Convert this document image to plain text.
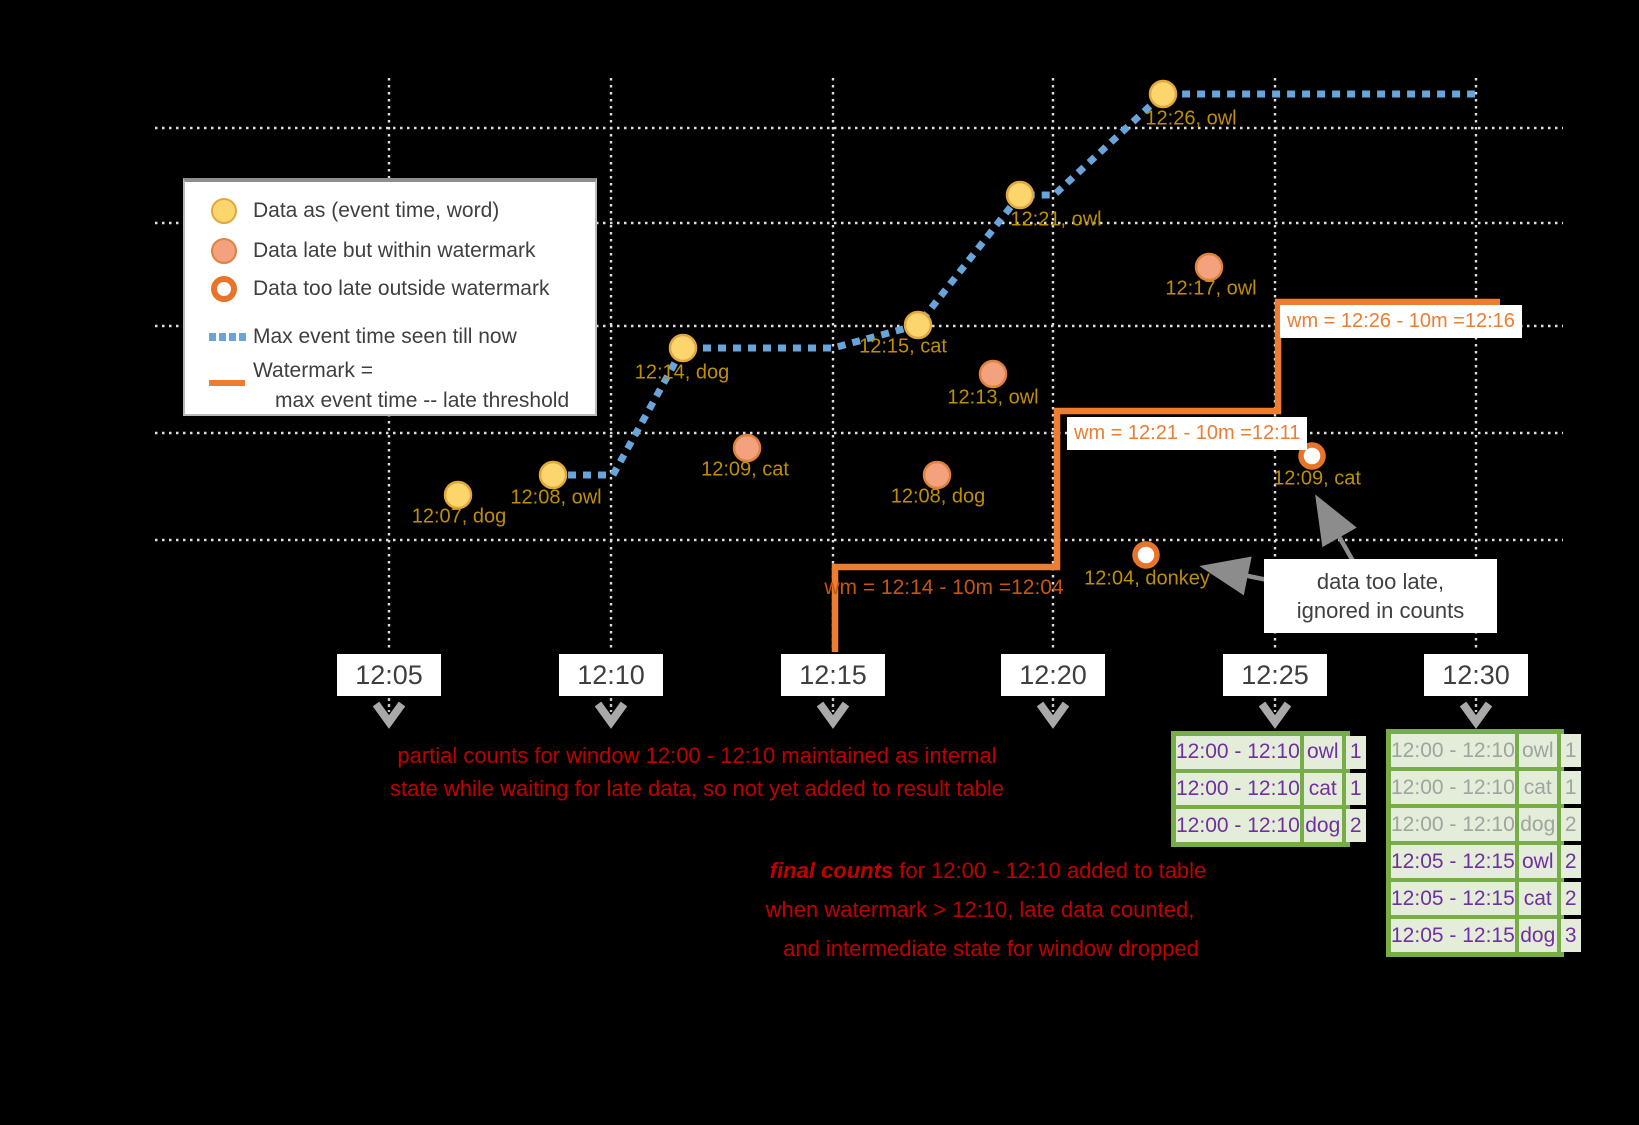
Data as (event time, word)
Data late but within watermark
Data too late outside watermark
Max event time seen till now
Watermark =
max event time -- late threshold
data too late,
ignored in counts
partial counts for window 12:00 - 12:10 maintained as internal
state while waiting for late data, so not yet added to result table
final counts for 12:00 - 12:10 added to table
when watermark > 12:10, late data counted,
and intermediate state for window dropped
12:07, dog
12:08, owl
12:14, dog
12:15, cat
12:21, owl
12:26, owl
12:09, cat
12:08, dog
12:13, owl
12:17, owl
12:04, donkey
12:09, cat
wm = 12:14 - 10m =12:04
wm = 12:21 - 10m =12:11
wm = 12:26 - 10m =12:16
12:05	12:10	12:15	12:20	12:25	12:30
12:00 - 12:10 owl 1
12:00 - 12:10 cat 1
12:00 - 12:10 dog 2
12:00 - 12:10 owl 1
12:00 - 12:10 cat 1
12:00 - 12:10 dog 2
12:05 - 12:15 owl 2
12:05 - 12:15 cat 2
12:05 - 12:15 dog 3
